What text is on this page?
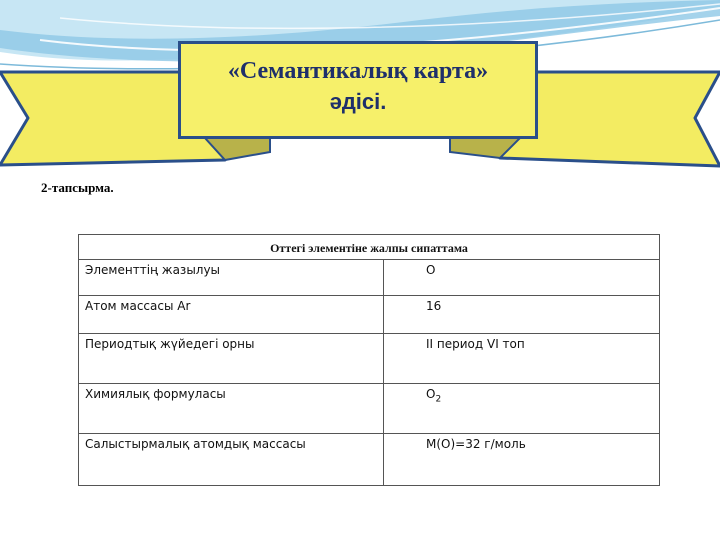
«Семантикалық карта»
әдісі.
2-тапсырма.
Оттегі элементіне жалпы сипаттама	
Элементтің жазылуы	O
Атом массасы Ar	16
Периодтық жүйедегі орны	II период VI топ
Химиялық формуласы	$O_2$
Салыстырмалық атомдық массасы	M(O)=32 г/моль
